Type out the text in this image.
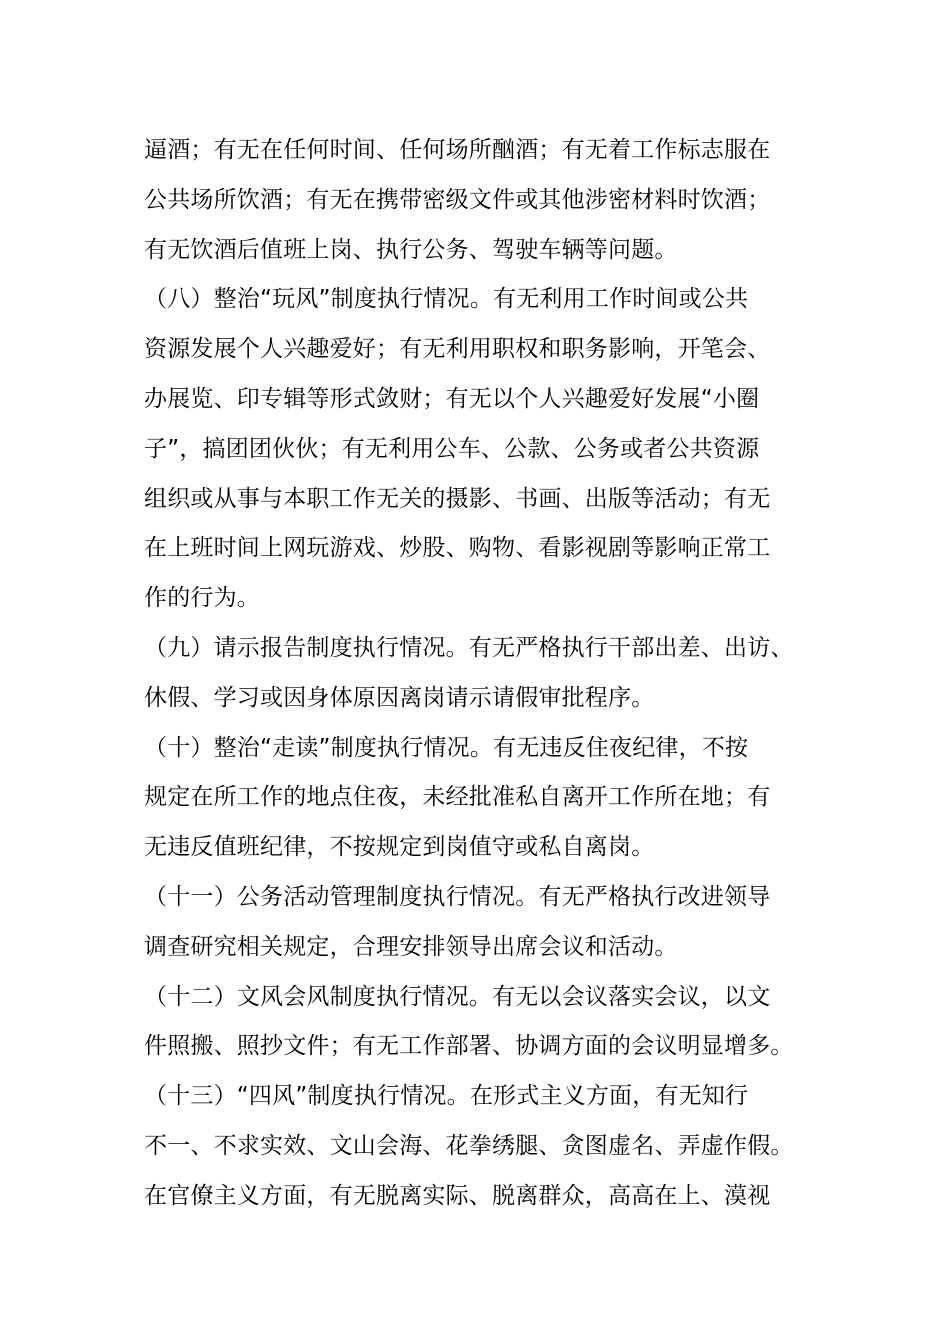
逼酒；有无在任何时间、任何场所酗酒；有无着工作标志服在
公共场所饮酒；有无在携带密级文件或其他涉密材料时饮酒；
有无饮酒后值班上岗、执行公务、驾驶车辆等问题。
（八）整治“玩风”制度执行情况。有无利用工作时间或公共
资源发展个人兴趣爱好；有无利用职权和职务影响，开笔会、
办展览、印专辑等形式敛财；有无以个人兴趣爱好发展“小圈
子”，搞团团伙伙；有无利用公车、公款、公务或者公共资源
组织或从事与本职工作无关的摄影、书画、出版等活动；有无
在上班时间上网玩游戏、炒股、购物、看影视剧等影响正常工
作的行为。
（九）请示报告制度执行情况。有无严格执行干部出差、出访、
休假、学习或因身体原因离岗请示请假审批程序。
（十）整治“走读”制度执行情况。有无违反住夜纪律，不按
规定在所工作的地点住夜，未经批准私自离开工作所在地；有
无违反值班纪律，不按规定到岗值守或私自离岗。
（十一）公务活动管理制度执行情况。有无严格执行改进领导
调查研究相关规定，合理安排领导出席会议和活动。
（十二）文风会风制度执行情况。有无以会议落实会议，以文
件照搬、照抄文件；有无工作部署、协调方面的会议明显增多。
（十三）“四风”制度执行情况。在形式主义方面，有无知行
不一、不求实效、文山会海、花拳绣腿、贪图虚名、弄虚作假。
在官僚主义方面，有无脱离实际、脱离群众，高高在上、漠视
